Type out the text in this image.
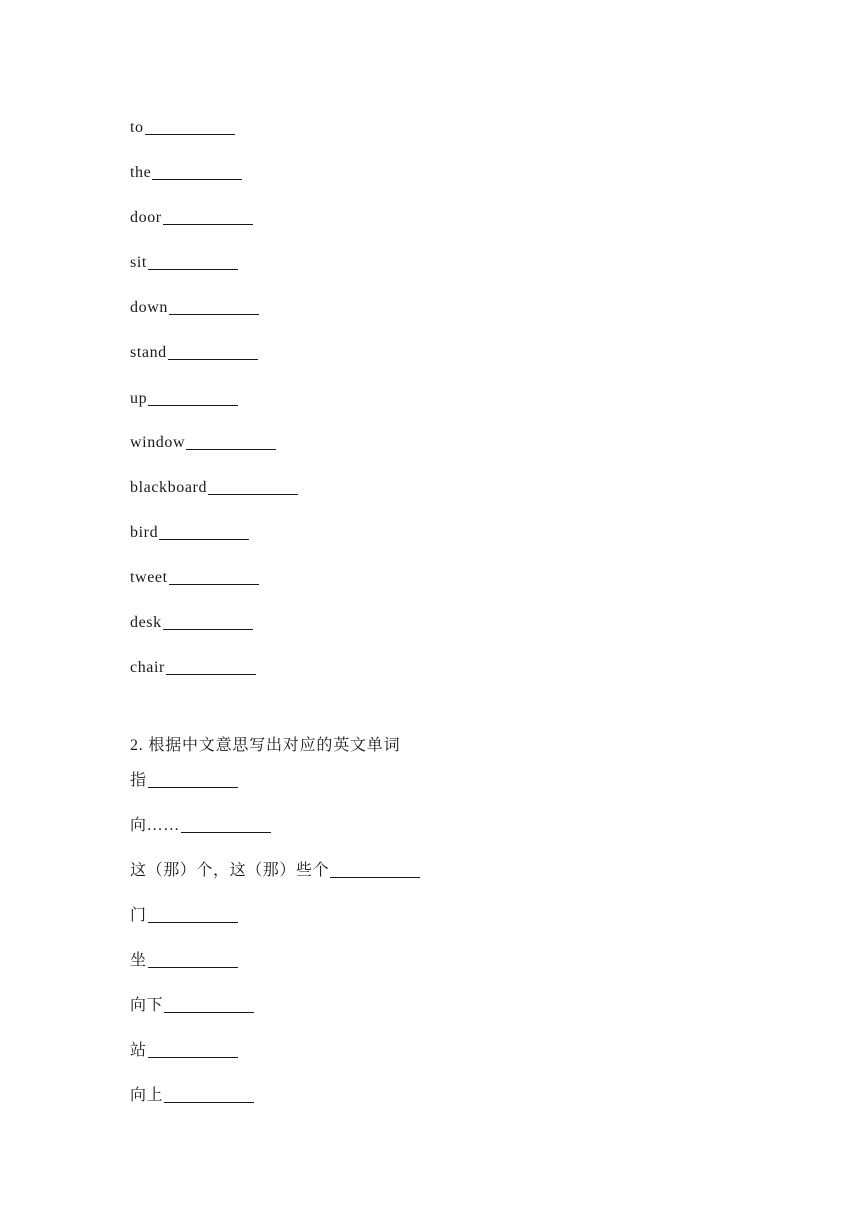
to
the
door
sit
down
stand
up
window
blackboard
bird
tweet
desk
chair
2. 根据中文意思写出对应的英文单词
指
向……
这（那）个，这（那）些个
门
坐
向下
站
向上
